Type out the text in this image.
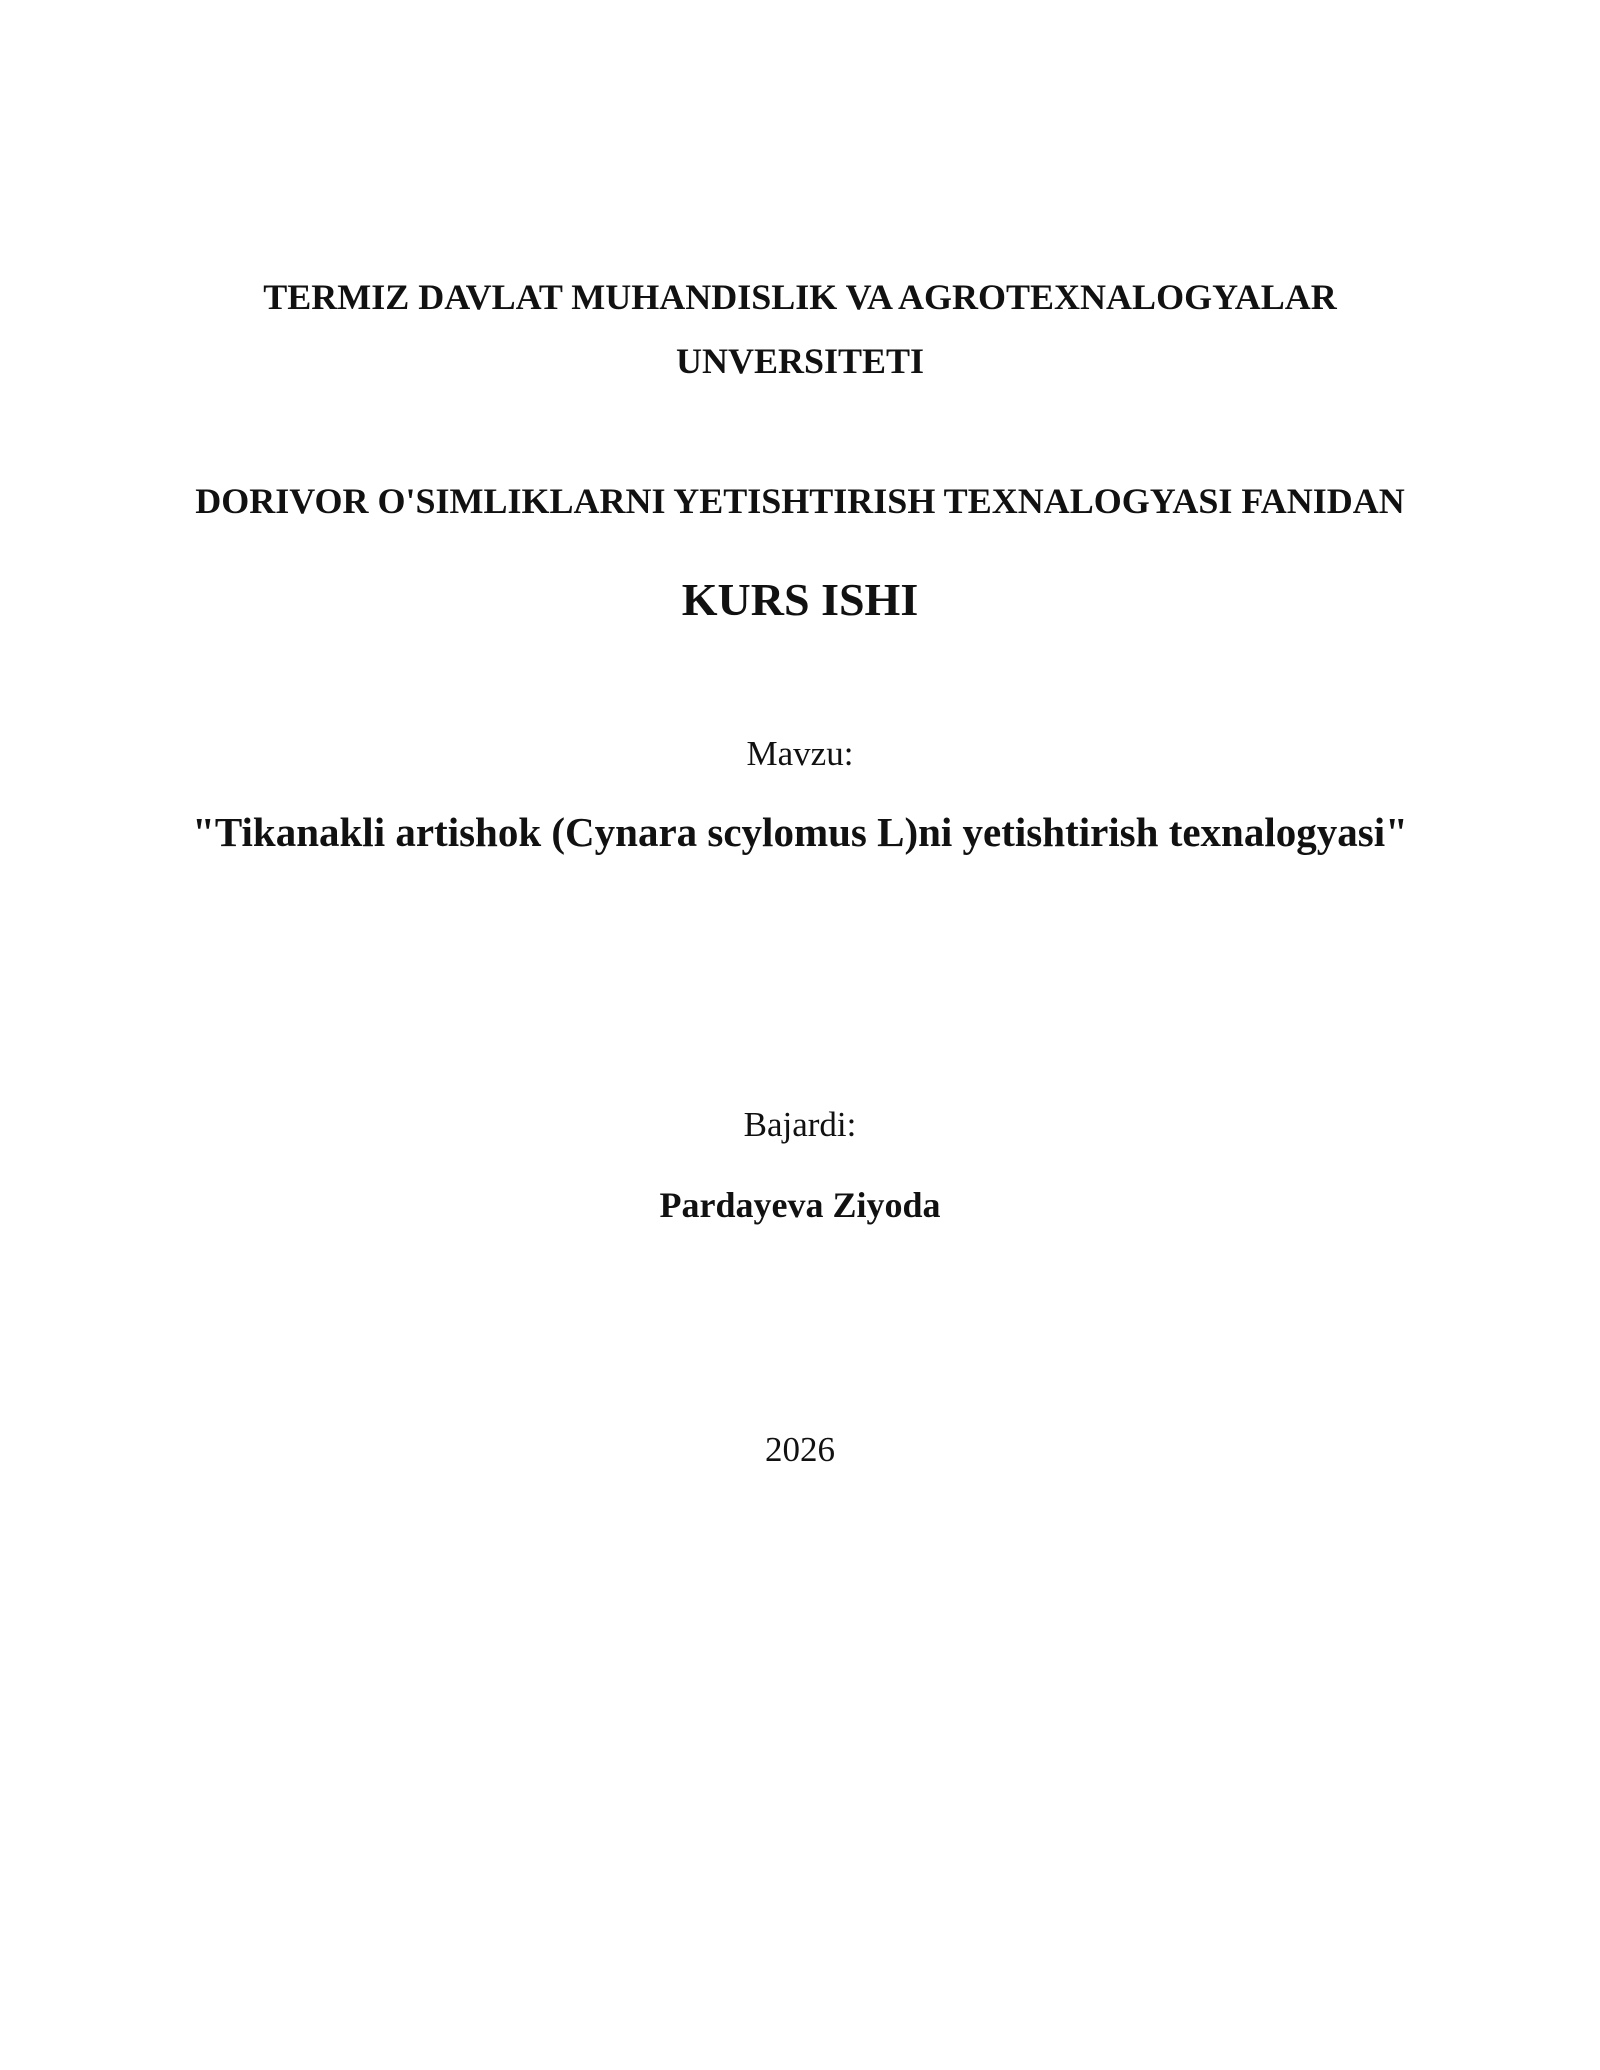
TERMIZ DAVLAT MUHANDISLIK VA AGROTEXNALOGYALAR

UNVERSITETI

DORIVOR O'SIMLIKLARNI YETISHTIRISH TEXNALOGYASI FANIDAN

KURS ISHI

Mavzu:

"Tikanakli artishok (Cynara scylomus L)ni yetishtirish texnalogyasi"

Bajardi:

Pardayeva Ziyoda

2026
